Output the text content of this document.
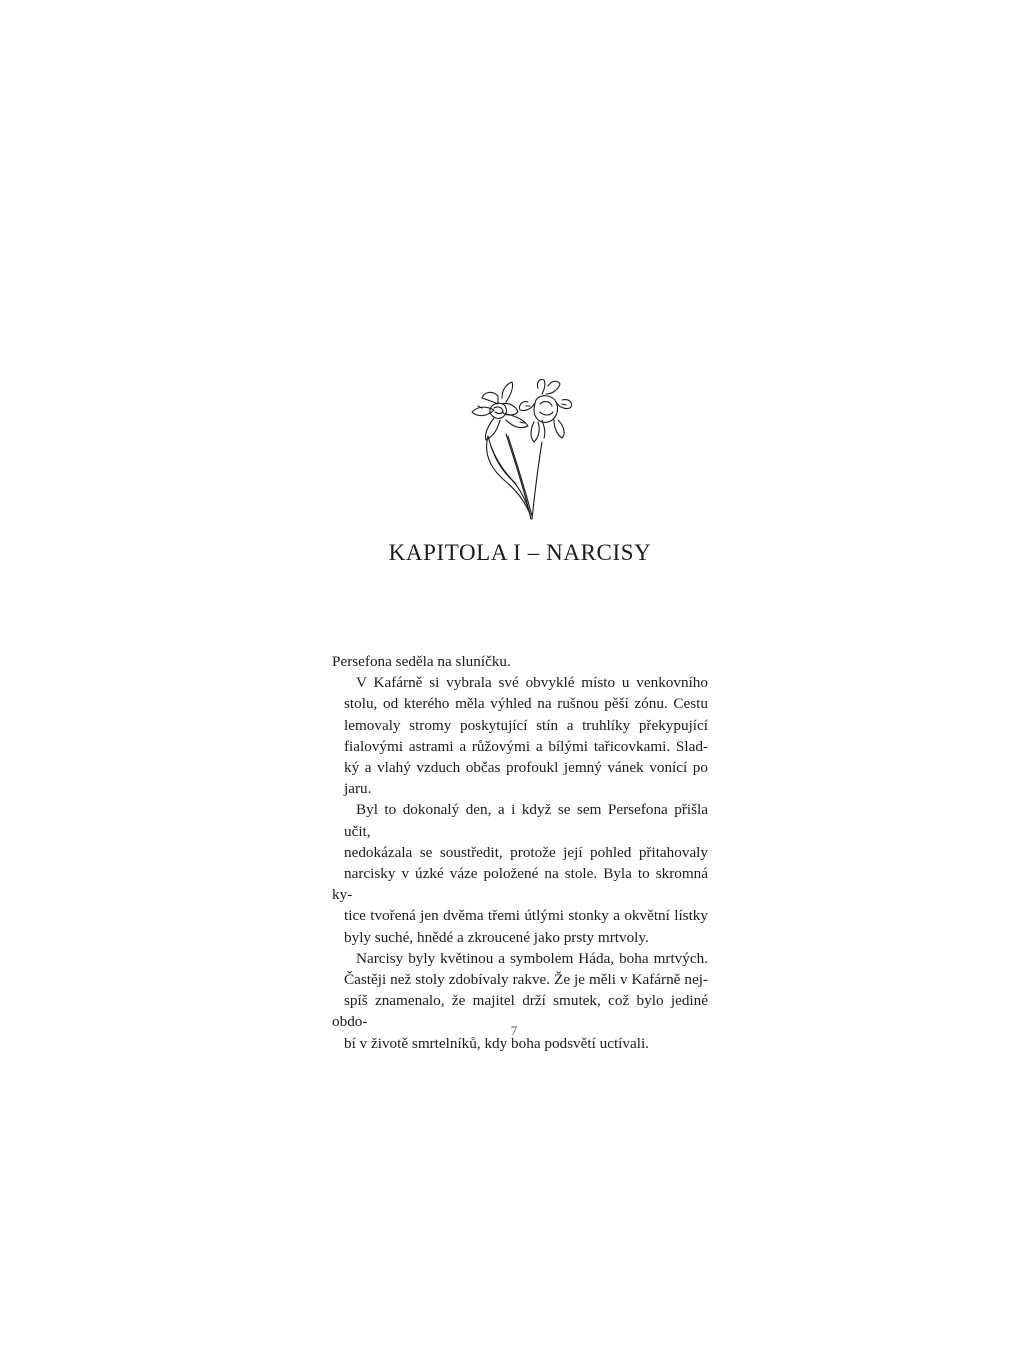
KAPITOLA I – NARCISY

Persefona seděla na sluníčku.

V Kafárně si vybrala své obvyklé místo u venkovního
stolu, od kterého měla výhled na rušnou pěší zónu. Cestu
lemovaly stromy poskytující stín a truhlíky překypující
fialovými astrami a růžovými a bílými tařicovkami. Slad-
ký a vlahý vzduch občas profoukl jemný vánek vonící po
jaru.

Byl to dokonalý den, a i když se sem Persefona přišla učit,
nedokázala se soustředit, protože její pohled přitahovaly
narcisky v úzké váze položené na stole. Byla to skromná ky-
tice tvořená jen dvěma třemi útlými stonky a okvětní lístky
byly suché, hnědé a zkroucené jako prsty mrtvoly.

Narcisy byly květinou a symbolem Háda, boha mrtvých.
Častěji než stoly zdobívaly rakve. Že je měli v Kafárně nej-
spíš znamenalo, že majitel drží smutek, což bylo jediné obdo-
bí v životě smrtelníků, kdy boha podsvětí uctívali.

7
